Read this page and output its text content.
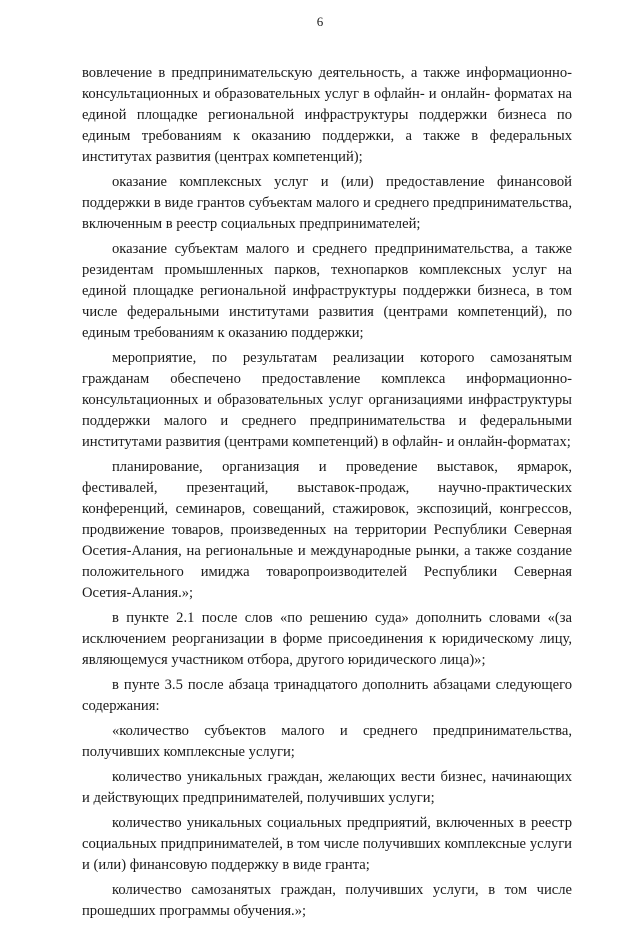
6

вовлечение в предпринимательскую деятельность, а также информационно-консультационных и образовательных услуг в офлайн- и онлайн- форматах на единой площадке региональной инфраструктуры поддержки бизнеса по единым требованиям к оказанию поддержки, а также в федеральных институтах развития (центрах компетенций);

оказание комплексных услуг и (или) предоставление финансовой поддержки в виде грантов субъектам малого и среднего предпринимательства, включенным в реестр социальных предпринимателей;

оказание субъектам малого и среднего предпринимательства, а также резидентам промышленных парков, технопарков комплексных услуг на единой площадке региональной инфраструктуры поддержки бизнеса, в том числе федеральными институтами развития (центрами компетенций), по единым требованиям к оказанию поддержки;

мероприятие, по результатам реализации которого самозанятым гражданам обеспечено предоставление комплекса информационно-консультационных и образовательных услуг организациями инфраструктуры поддержки малого и среднего предпринимательства и федеральными институтами развития (центрами компетенций) в офлайн- и онлайн-форматах;

планирование, организация и проведение выставок, ярмарок, фестивалей, презентаций, выставок-продаж, научно-практических конференций, семинаров, совещаний, стажировок, экспозиций, конгрессов, продвижение товаров, произведенных на территории Республики Северная Осетия-Алания, на региональные и международные рынки, а также создание положительного имиджа товаропроизводителей Республики Северная Осетия-Алания.»;

в пункте 2.1 после слов «по решению суда» дополнить словами «(за исключением реорганизации в форме присоединения к юридическому лицу, являющемуся участником отбора, другого юридического лица)»;

в пунте 3.5 после абзаца тринадцатого дополнить абзацами следующего содержания:

«количество субъектов малого и среднего предпринимательства, получивших комплексные услуги;

количество уникальных граждан, желающих вести бизнес, начинающих и действующих предпринимателей, получивших услуги;

количество уникальных социальных предприятий, включенных в реестр социальных придпринимателей, в том числе получивших комплексные услуги и (или) финансовую поддержку в виде гранта;

количество самозанятых граждан, получивших услуги, в том числе прошедших программы обучения.»;
